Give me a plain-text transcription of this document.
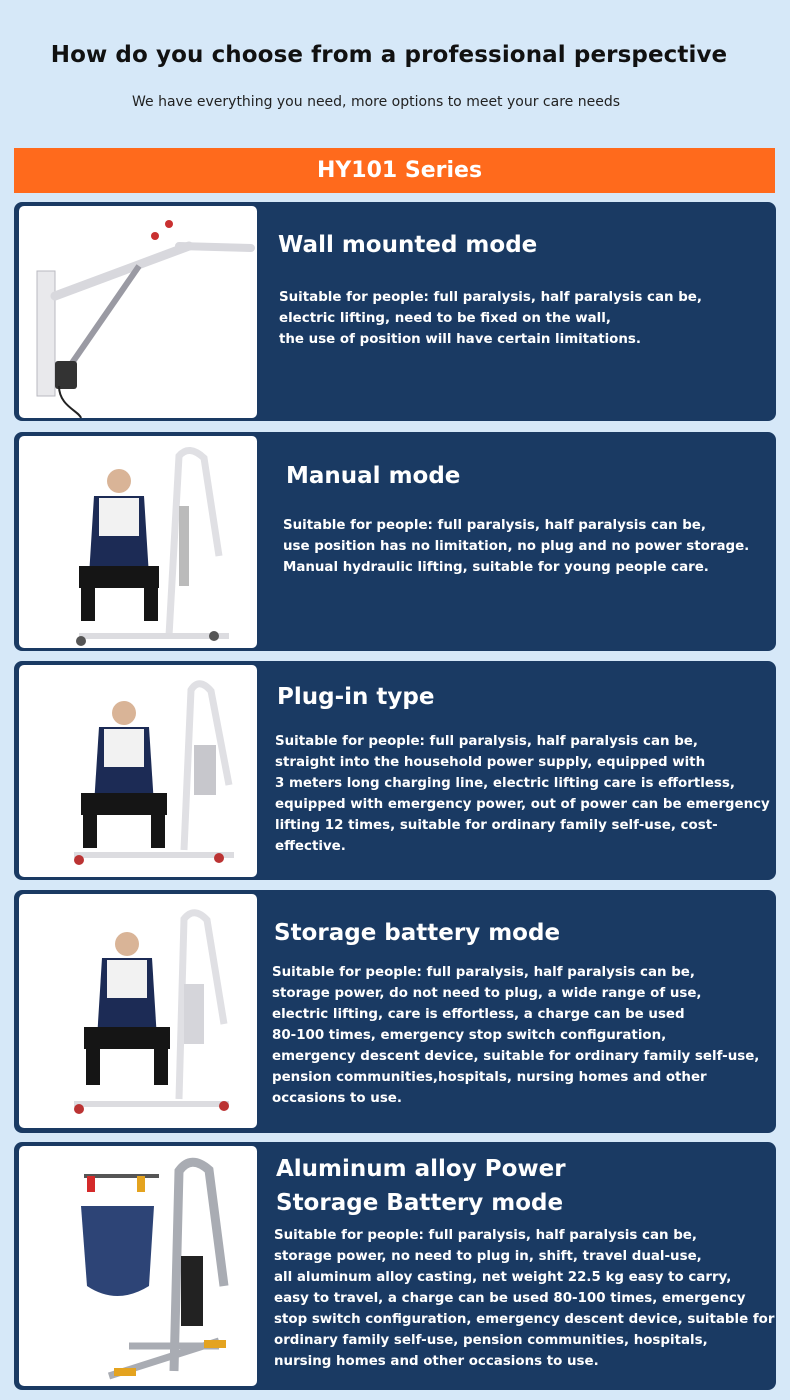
How do you choose from a professional perspective
We have everything you need, more options to meet your care needs
HY101 Series
Wall mounted mode
Suitable for people: full paralysis, half paralysis can be,
electric lifting, need to be fixed on the wall,
the use of position will have certain limitations.
Manual mode
Suitable for people: full paralysis, half paralysis can be,
use position has no limitation, no plug and no power storage.
Manual hydraulic lifting, suitable for young people care.
Plug-in type
Suitable for people: full paralysis, half paralysis can be,
straight into the household power supply, equipped with
3 meters long charging line, electric lifting care is effortless,
equipped with emergency power, out of power can be emergency
lifting 12 times, suitable for ordinary family self-use, cost-effective.
Storage battery mode
Suitable for people: full paralysis, half paralysis can be,
storage power, do not need to plug, a wide range of use,
electric lifting, care is effortless, a charge can be used
80-100 times, emergency stop switch configuration,
emergency descent device, suitable for ordinary family self-use,
pension communities,hospitals, nursing homes and other
occasions to use.
Aluminum alloy Power
Storage Battery mode
Suitable for people: full paralysis, half paralysis can be,
storage power, no need to plug in, shift, travel dual-use,
all aluminum alloy casting, net weight 22.5 kg easy to carry,
easy to travel, a charge can be used 80-100 times, emergency
stop switch configuration, emergency descent device, suitable for
ordinary family self-use, pension communities, hospitals,
nursing homes and other occasions to use.
